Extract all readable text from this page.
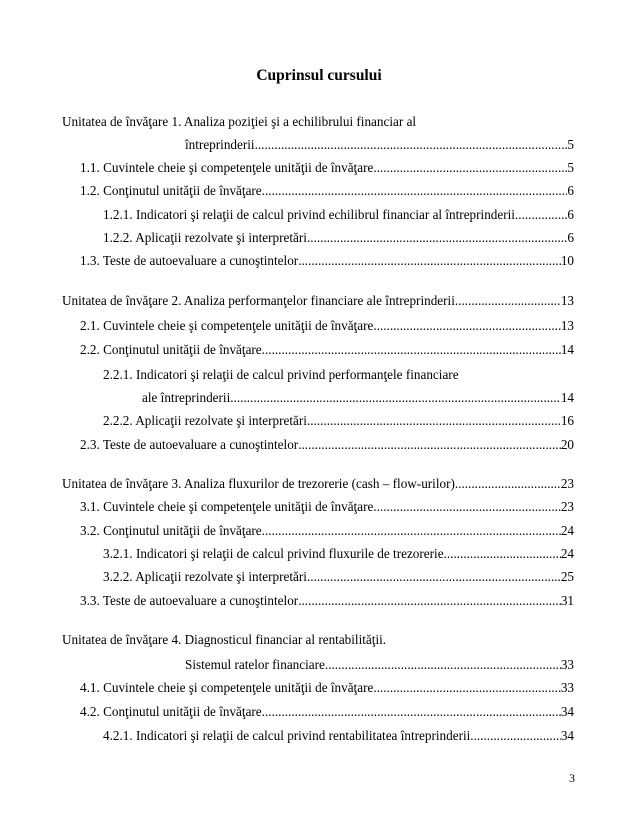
Cuprinsul cursului
Unitatea de învăţare 1. Analiza poziţiei şi a echilibrului financiar al
întreprinderii .....	5
1.1. Cuvintele cheie şi competenţele unităţii de învăţare .....	5
1.2. Conţinutul unităţii de învăţare .....	6
1.2.1. Indicatori şi relaţii de calcul privind echilibrul financiar al întreprinderii .....	6
1.2.2. Aplicaţii rezolvate şi interpretări .....	6
1.3. Teste de autoevaluare a cunoştintelor .....	10
Unitatea de învăţare 2. Analiza performanţelor financiare ale întreprinderii .....	13
2.1. Cuvintele cheie şi competenţele unităţii de învăţare .....	13
2.2. Conţinutul unităţii de învăţare .....	14
2.2.1. Indicatori şi relaţii de calcul privind performanţele financiare
ale întreprinderii .....	14
2.2.2. Aplicaţii rezolvate şi interpretări .....	16
2.3. Teste de autoevaluare a cunoştintelor .....	20
Unitatea de învăţare 3. Analiza fluxurilor de trezorerie (cash – flow-urilor) .....	23
3.1. Cuvintele cheie şi competenţele unităţii de învăţare .....	23
3.2. Conţinutul unităţii de învăţare .....	24
3.2.1. Indicatori şi relaţii de calcul privind fluxurile de trezorerie .....	24
3.2.2. Aplicaţii rezolvate şi interpretări .....	25
3.3. Teste de autoevaluare a cunoştintelor .....	31
Unitatea de învăţare 4. Diagnosticul financiar al rentabilităţii.
Sistemul ratelor financiare .....	33
4.1. Cuvintele cheie şi competenţele unităţii de învăţare .....	33
4.2. Conţinutul unităţii de învăţare .....	34
4.2.1. Indicatori şi relaţii de calcul privind rentabilitatea întreprinderii .....	34
3
